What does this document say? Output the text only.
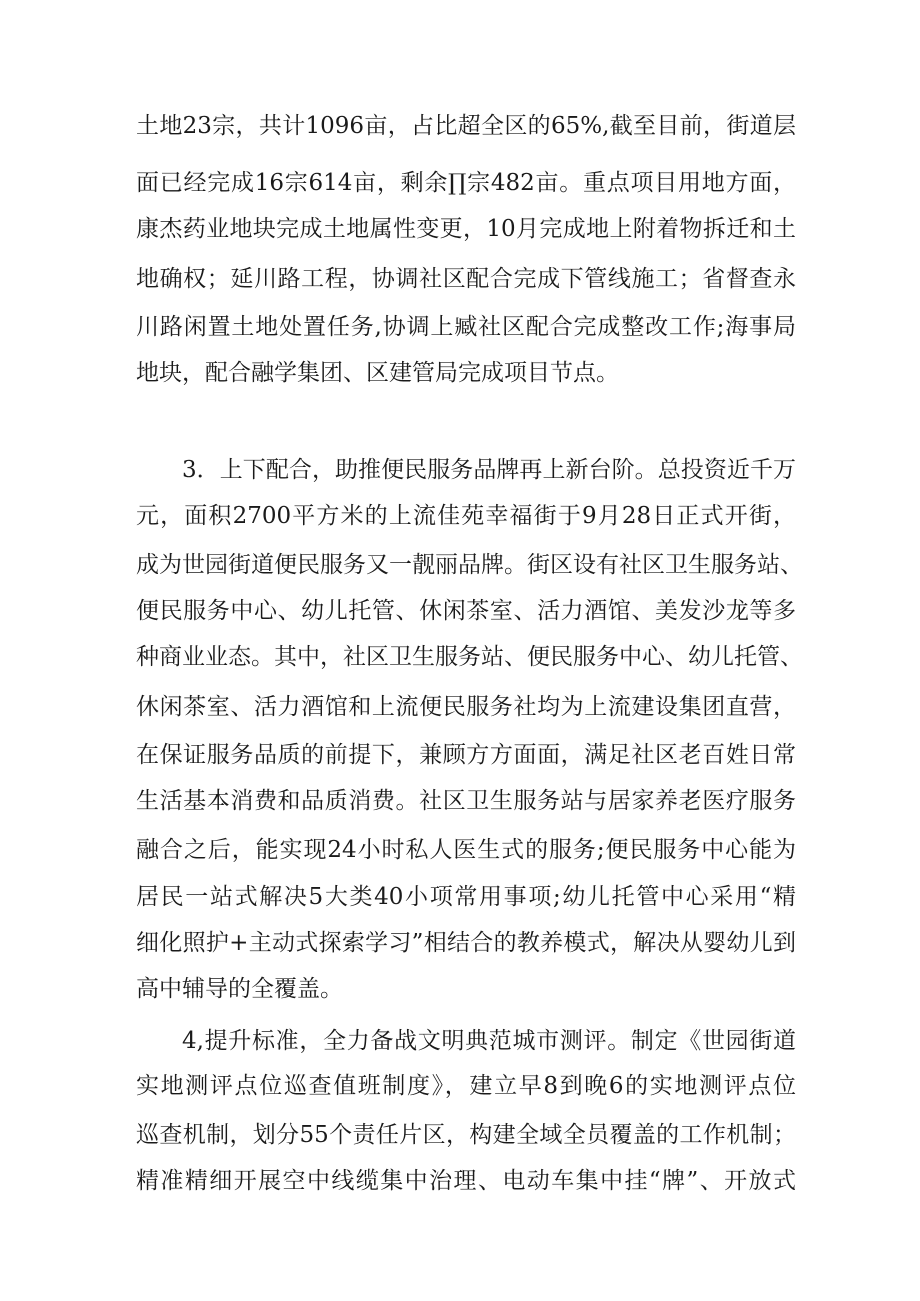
土地23宗，共计1096亩，占比超全区的65%,截至目前，街道层
面已经完成16宗614亩，剩余∏宗482亩。重点项目用地方面，
康杰药业地块完成土地属性变更，10月完成地上附着物拆迁和土
地确权；延川路工程，协调社区配合完成下管线施工；省督查永
川路闲置土地处置任务,协调上臧社区配合完成整改工作;海事局
地块，配合融学集团、区建管局完成项目节点。
3．上下配合，助推便民服务品牌再上新台阶。总投资近千万
元，面积2700平方米的上流佳苑幸福街于9月28日正式开街，
成为世园街道便民服务又一靓丽品牌。街区设有社区卫生服务站、
便民服务中心、幼儿托管、休闲茶室、活力酒馆、美发沙龙等多
种商业业态。其中，社区卫生服务站、便民服务中心、幼儿托管、
休闲茶室、活力酒馆和上流便民服务社均为上流建设集团直营，
在保证服务品质的前提下，兼顾方方面面，满足社区老百姓日常
生活基本消费和品质消费。社区卫生服务站与居家养老医疗服务
融合之后，能实现24小时私人医生式的服务;便民服务中心能为
居民一站式解决5大类40小项常用事项;幼儿托管中心采用“精
细化照护+主动式探索学习”相结合的教养模式，解决从婴幼儿到
高中辅导的全覆盖。
4,提升标准，全力备战文明典范城市测评。制定《世园街道
实地测评点位巡查值班制度》，建立早8到晚6的实地测评点位
巡查机制，划分55个责任片区，构建全域全员覆盖的工作机制；
精准精细开展空中线缆集中治理、电动车集中挂“牌”、开放式
